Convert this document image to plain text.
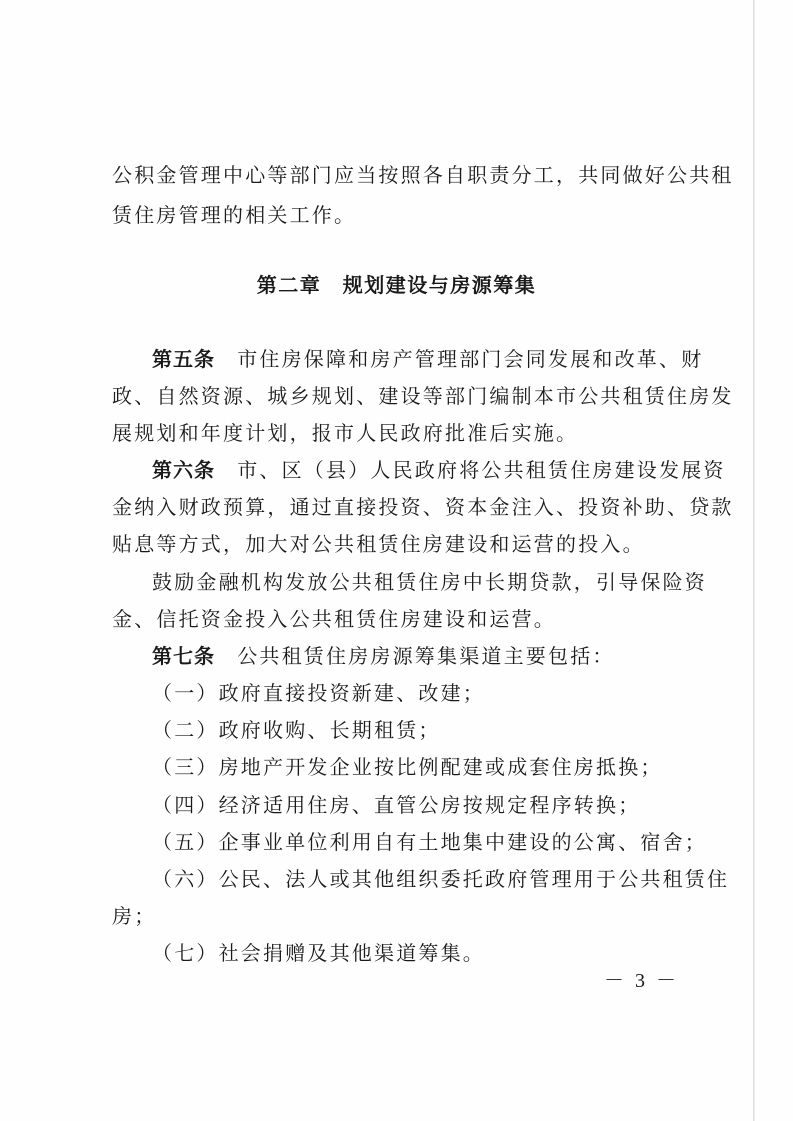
公积金管理中心等部门应当按照各自职责分工，共同做好公共租
赁住房管理的相关工作。
第二章　规划建设与房源筹集
第五条　市住房保障和房产管理部门会同发展和改革、财
政、自然资源、城乡规划、建设等部门编制本市公共租赁住房发
展规划和年度计划，报市人民政府批准后实施。
第六条　市、区（县）人民政府将公共租赁住房建设发展资
金纳入财政预算，通过直接投资、资本金注入、投资补助、贷款
贴息等方式，加大对公共租赁住房建设和运营的投入。
鼓励金融机构发放公共租赁住房中长期贷款，引导保险资
金、信托资金投入公共租赁住房建设和运营。
第七条　公共租赁住房房源筹集渠道主要包括：
（一）政府直接投资新建、改建；
（二）政府收购、长期租赁；
（三）房地产开发企业按比例配建或成套住房抵换；
（四）经济适用住房、直管公房按规定程序转换；
（五）企事业单位利用自有土地集中建设的公寓、宿舍；
（六）公民、法人或其他组织委托政府管理用于公共租赁住
房；
（七）社会捐赠及其他渠道筹集。
－ 3 －
